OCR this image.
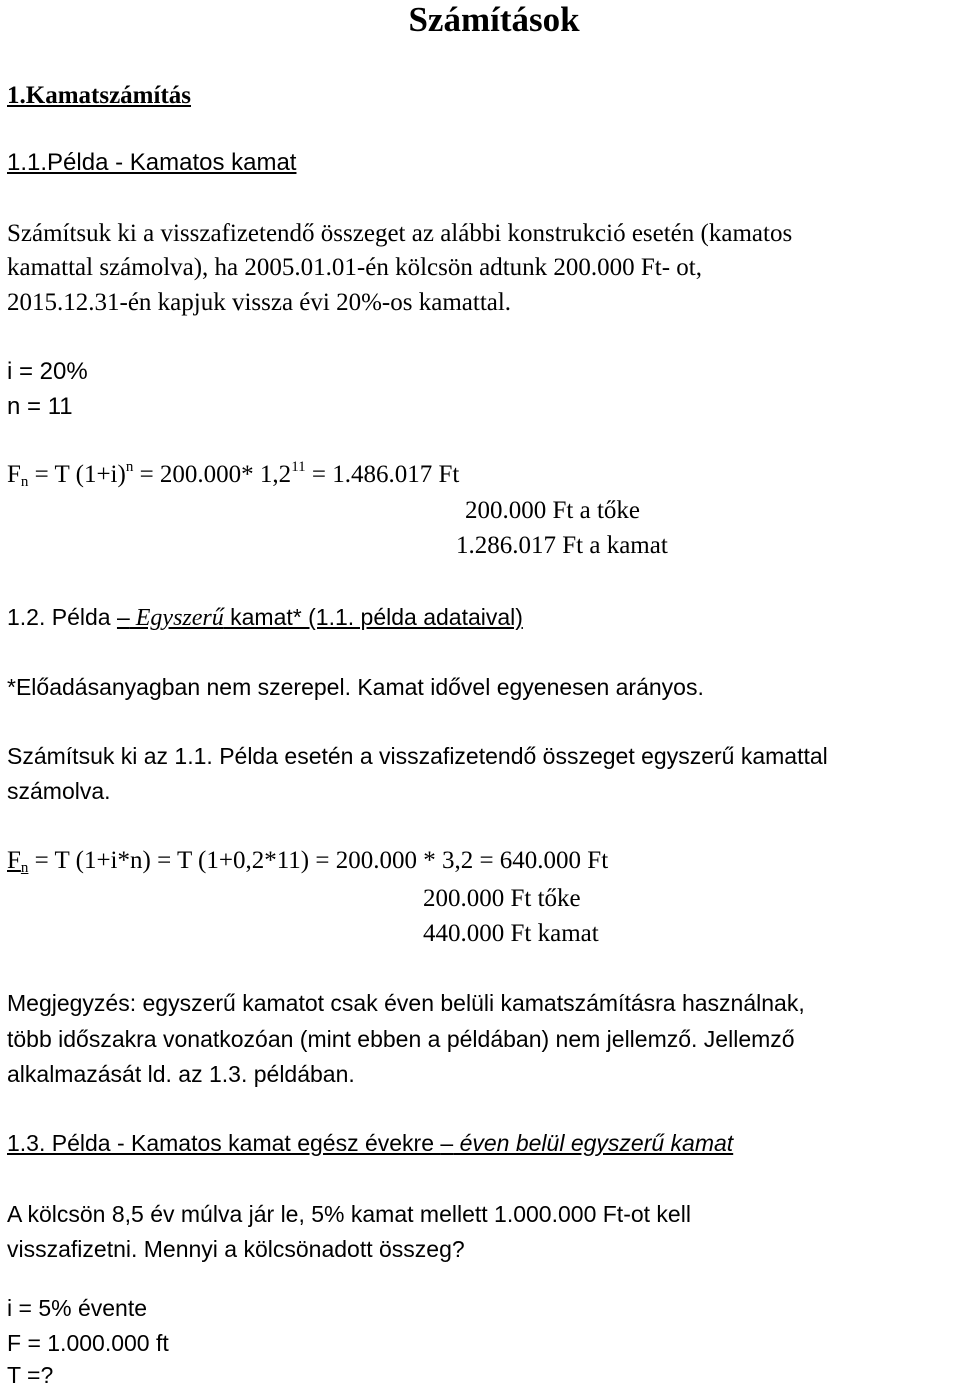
Számítások
1.Kamatszámítás
1.1.Példa - Kamatos kamat
Számítsuk ki a visszafizetendő összeget az alábbi konstrukció esetén (kamatos
kamattal számolva), ha 2005.01.01-én kölcsön adtunk 200.000 Ft- ot,
2015.12.31-én kapjuk vissza évi 20%-os kamattal.
i = 20%
n = 11
$F_n = T$ $(1+i)^n = 200.000*$ $1,2^{11} = 1.486.017$ Ft
200.000 Ft a tőke
1.286.017 Ft a kamat
1.2. Példa – Egyszerű kamat* (1.1. példa adataival)
*Előadásanyagban nem szerepel. Kamat idővel egyenesen arányos.
Számítsuk ki az 1.1. Példa esetén a visszafizetendő összeget egyszerű kamattal
számolva.
$F_n = T$ (1+i*n) = T (1+0,2*11) = 200.000 * 3,2 = 640.000 Ft
200.000 Ft tőke
440.000 Ft kamat
Megjegyzés: egyszerű kamatot csak éven belüli kamatszámításra használnak,
több időszakra vonatkozóan (mint ebben a példában) nem jellemző. Jellemző
alkalmazását ld. az 1.3. példában.
1.3. Példa - Kamatos kamat egész évekre – éven belül egyszerű kamat
A kölcsön 8,5 év múlva jár le, 5% kamat mellett 1.000.000 Ft-ot kell
visszafizetni. Mennyi a kölcsönadott összeg?
i = 5% évente
F = 1.000.000 ft
T =?
